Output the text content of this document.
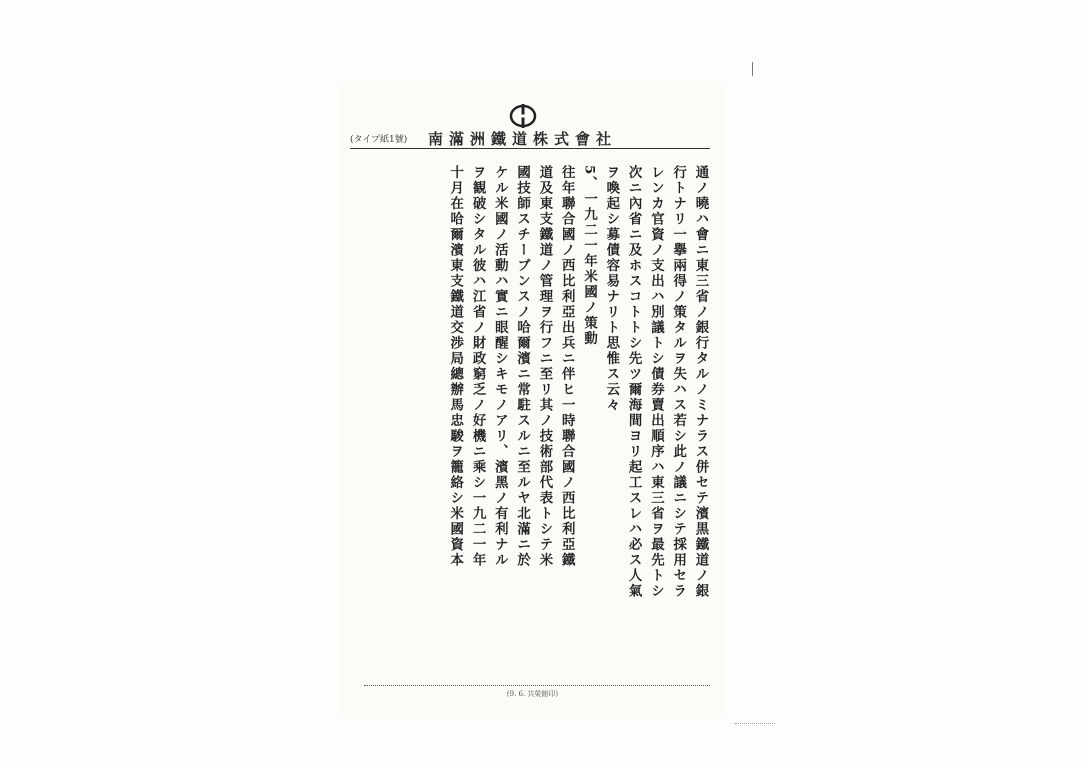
(タイプ紙1號) 南滿洲鐵道株式會社
通ノ曉ハ會ニ東三省ノ銀行タルノミナラス併セテ濱黒鐵道ノ銀
行トナリ一擧兩得ノ策タルヲ失ハス若シ此ノ議ニシテ採用セラ
レンカ官資ノ支出ハ別議トシ債券賣出順序ハ東三省ヲ最先トシ
次ニ內省ニ及ホスコトトシ先ツ爾海間ヨリ起工スレハ必ス人氣
ヲ喚起シ募債容易ナリト思惟ス云々
5、一九二一年米國ノ策動
往年聯合國ノ西比利亞出兵ニ伴ヒ一時聯合國ノ西比利亞鐵
道及東支鐵道ノ管理ヲ行フニ至リ其ノ技術部代表トシテ米
國技師スチーブンスノ哈爾濱ニ常駐スルニ至ルヤ北滿ニ於
ケル米國ノ活動ハ實ニ眼醒シキモノアリ、濱黑ノ有利ナル
ヲ観破シタル彼ハ江省ノ財政窮乏ノ好機ニ乘シ一九二一年
十月在哈爾濱東支鐵道交渉局總辦馬忠駿ヲ籠絡シ米國資本
(9. 6. 共榮館印)
